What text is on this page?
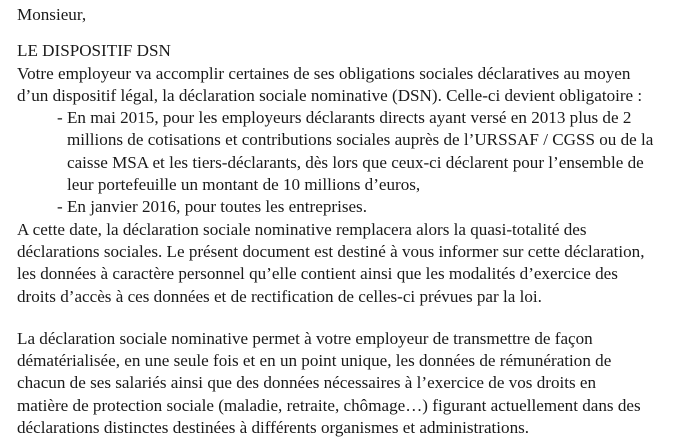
Monsieur,
LE DISPOSITIF DSN
Votre employeur va accomplir certaines de ses obligations sociales déclaratives au moyen
d’un dispositif légal, la déclaration sociale nominative (DSN). Celle-ci devient obligatoire :
- En mai 2015, pour les employeurs déclarants directs ayant versé en 2013 plus de 2
millions de cotisations et contributions sociales auprès de l’URSSAF / CGSS ou de la
caisse MSA et les tiers-déclarants, dès lors que ceux-ci déclarent pour l’ensemble de
leur portefeuille un montant de 10 millions d’euros,
- En janvier 2016, pour toutes les entreprises.
A cette date, la déclaration sociale nominative remplacera alors la quasi-totalité des
déclarations sociales. Le présent document est destiné à vous informer sur cette déclaration,
les données à caractère personnel qu’elle contient ainsi que les modalités d’exercice des
droits d’accès à ces données et de rectification de celles-ci prévues par la loi.
La déclaration sociale nominative permet à votre employeur de transmettre de façon
dématérialisée, en une seule fois et en un point unique, les données de rémunération de
chacun de ses salariés ainsi que des données nécessaires à l’exercice de vos droits en
matière de protection sociale (maladie, retraite, chômage…) figurant actuellement dans des
déclarations distinctes destinées à différents organismes et administrations.
